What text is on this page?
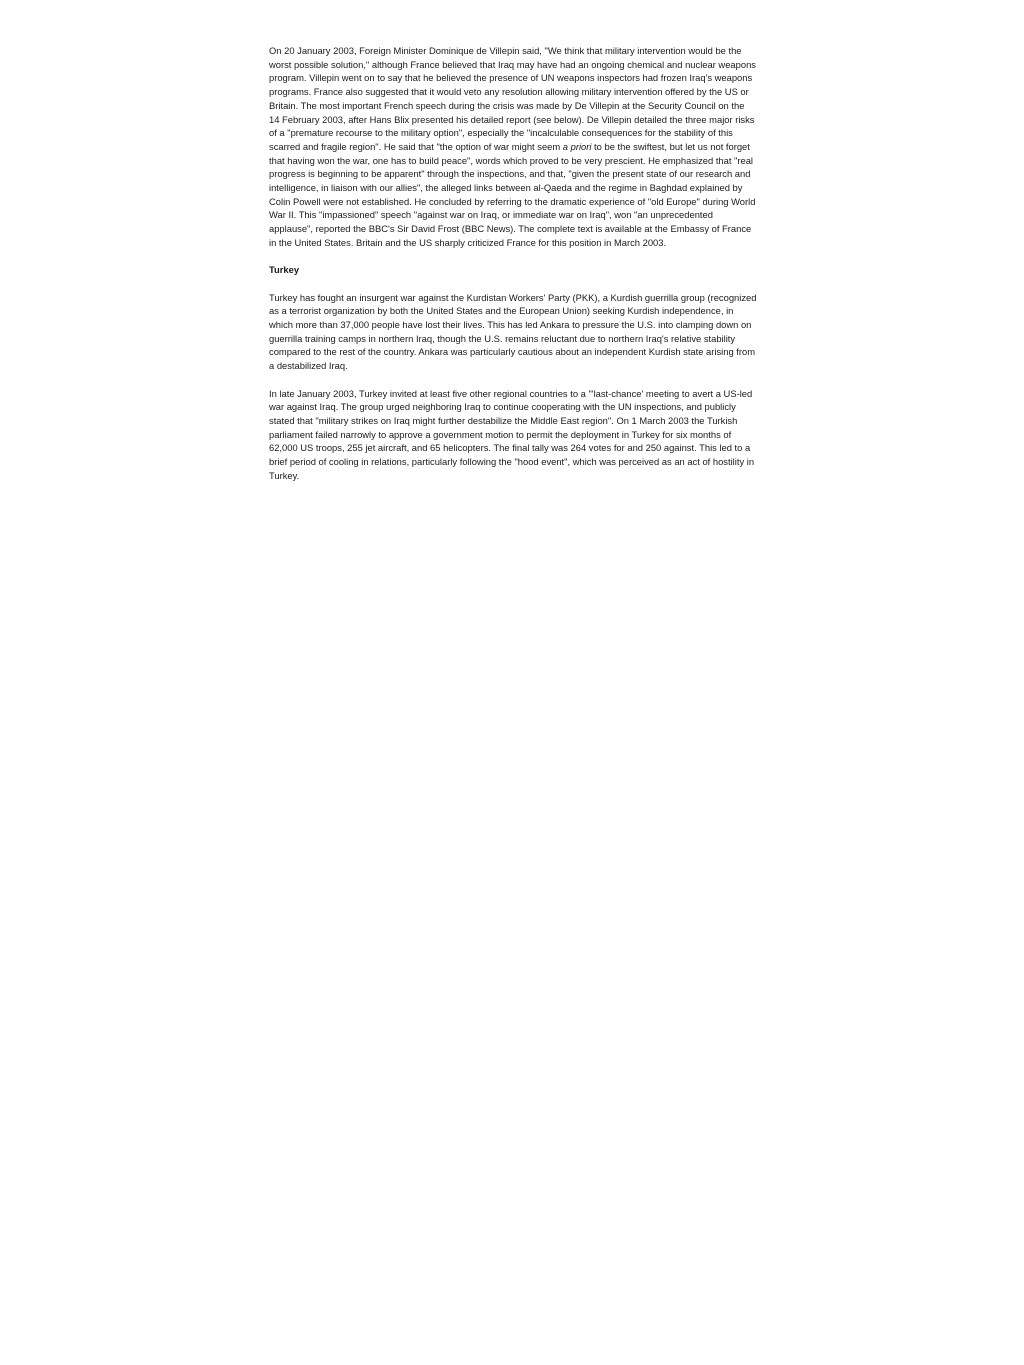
On 20 January 2003, Foreign Minister Dominique de Villepin said, "We think that military intervention would be the worst possible solution," although France believed that Iraq may have had an ongoing chemical and nuclear weapons program. Villepin went on to say that he believed the presence of UN weapons inspectors had frozen Iraq's weapons programs. France also suggested that it would veto any resolution allowing military intervention offered by the US or Britain. The most important French speech during the crisis was made by De Villepin at the Security Council on the 14 February 2003, after Hans Blix presented his detailed report (see below). De Villepin detailed the three major risks of a "premature recourse to the military option", especially the "incalculable consequences for the stability of this scarred and fragile region". He said that "the option of war might seem a priori to be the swiftest, but let us not forget that having won the war, one has to build peace", words which proved to be very prescient. He emphasized that "real progress is beginning to be apparent" through the inspections, and that, "given the present state of our research and intelligence, in liaison with our allies", the alleged links between al-Qaeda and the regime in Baghdad explained by Colin Powell were not established. He concluded by referring to the dramatic experience of "old Europe" during World War II. This "impassioned" speech "against war on Iraq, or immediate war on Iraq", won "an unprecedented applause", reported the BBC's Sir David Frost (BBC News). The complete text is available at the Embassy of France in the United States. Britain and the US sharply criticized France for this position in March 2003.

Turkey

Turkey has fought an insurgent war against the Kurdistan Workers' Party (PKK), a Kurdish guerrilla group (recognized as a terrorist organization by both the United States and the European Union) seeking Kurdish independence, in which more than 37,000 people have lost their lives. This has led Ankara to pressure the U.S. into clamping down on guerrilla training camps in northern Iraq, though the U.S. remains reluctant due to northern Iraq's relative stability compared to the rest of the country. Ankara was particularly cautious about an independent Kurdish state arising from a destabilized Iraq.

In late January 2003, Turkey invited at least five other regional countries to a "'last-chance' meeting to avert a US-led war against Iraq. The group urged neighboring Iraq to continue cooperating with the UN inspections, and publicly stated that "military strikes on Iraq might further destabilize the Middle East region". On 1 March 2003 the Turkish parliament failed narrowly to approve a government motion to permit the deployment in Turkey for six months of 62,000 US troops, 255 jet aircraft, and 65 helicopters. The final tally was 264 votes for and 250 against. This led to a brief period of cooling in relations, particularly following the "hood event", which was perceived as an act of hostility in Turkey.
